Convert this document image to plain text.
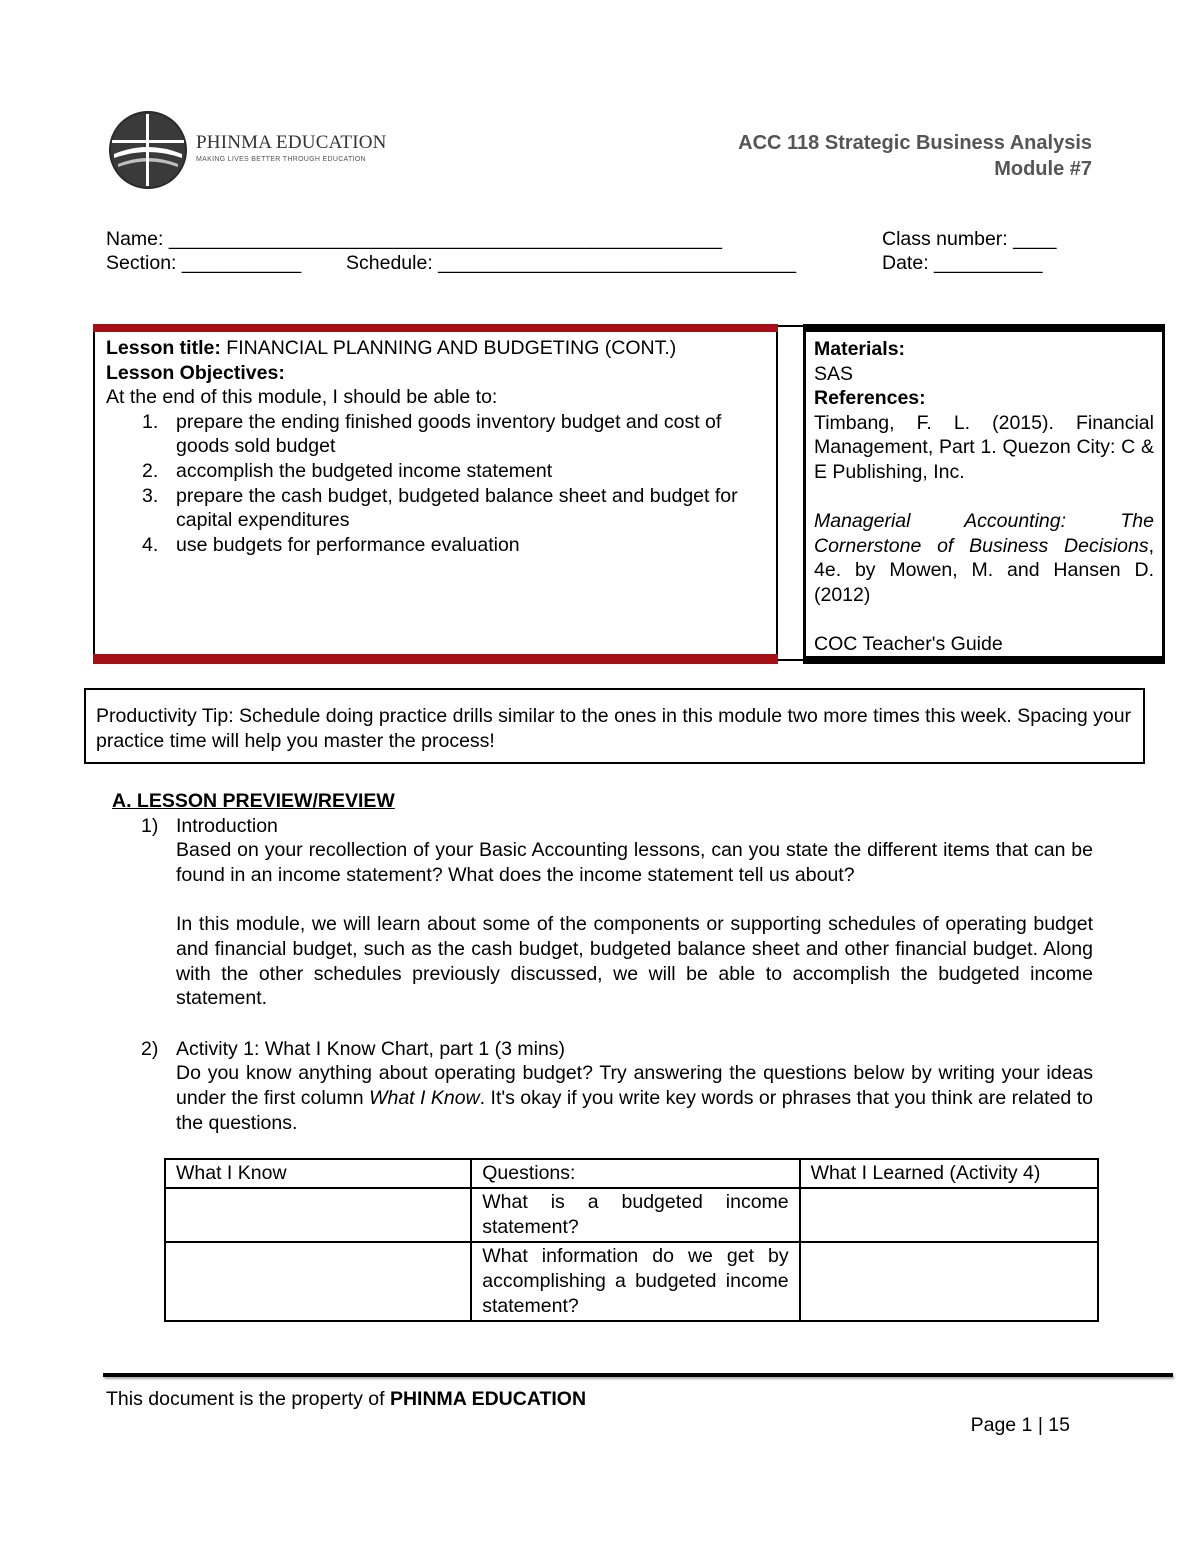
PHINMA EDUCATION
MAKING LIVES BETTER THROUGH EDUCATION
ACC 118 Strategic Business Analysis
Module #7
Name: ___________________________________________________	Class number: ____
Section: ___________ Schedule: _________________________________	Date: __________
Lesson title: FINANCIAL PLANNING AND BUDGETING (CONT.)
Lesson Objectives:
At the end of this module, I should be able to:
1. prepare the ending finished goods inventory budget and cost of goods sold budget
2. accomplish the budgeted income statement
3. prepare the cash budget, budgeted balance sheet and budget for capital expenditures
4. use budgets for performance evaluation
Materials:
SAS
References:
Timbang, F. L. (2015). Financial Management, Part 1. Quezon City: C & E Publishing, Inc.
Managerial Accounting: The Cornerstone of Business Decisions, 4e. by Mowen, M. and Hansen D. (2012)
COC Teacher's Guide
Productivity Tip: Schedule doing practice drills similar to the ones in this module two more times this week. Spacing your practice time will help you master the process!
A. LESSON PREVIEW/REVIEW
1) Introduction
Based on your recollection of your Basic Accounting lessons, can you state the different items that can be found in an income statement? What does the income statement tell us about?
In this module, we will learn about some of the components or supporting schedules of operating budget and financial budget, such as the cash budget, budgeted balance sheet and other financial budget. Along with the other schedules previously discussed, we will be able to accomplish the budgeted income statement.
2) Activity 1: What I Know Chart, part 1 (3 mins)
Do you know anything about operating budget? Try answering the questions below by writing your ideas under the first column What I Know. It's okay if you write key words or phrases that you think are related to the questions.
What I Know	Questions:	What I Learned (Activity 4)
	What is a budgeted income statement?	
	What information do we get by accomplishing a budgeted income statement?	
This document is the property of PHINMA EDUCATION
Page 1 | 15
